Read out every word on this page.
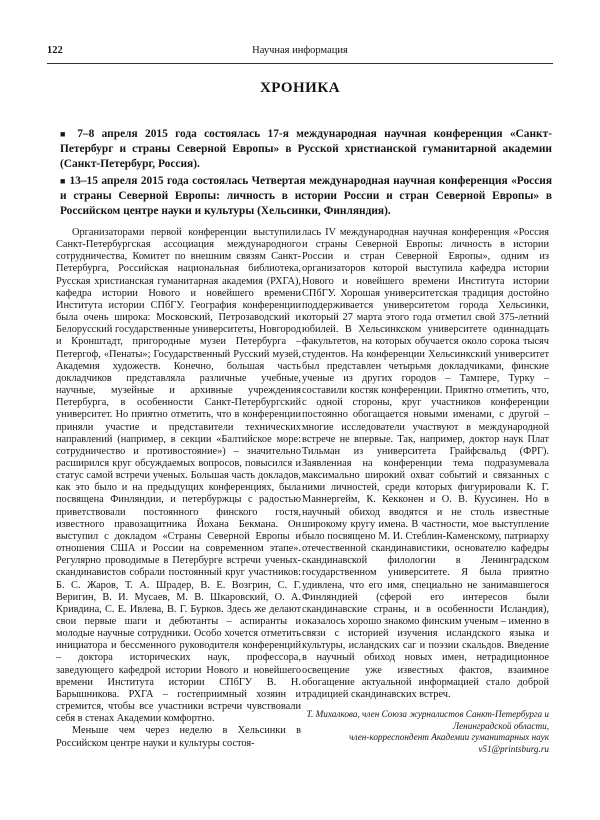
122	Научная информация
ХРОНИКА

■ 7–8 апреля 2015 года состоялась 17-я международная научная конференция «Санкт-Петербург и страны Северной Европы» в Русской христианской гуманитарной академии (Санкт-Петербург, Россия).

■ 13–15 апреля 2015 года состоялась Четвертая международная научная конференция «Россия и страны Северной Европы: личность в истории России и стран Северной Европы» в Российском центре науки и культуры (Хельсинки, Финляндия).

Организаторами первой конференции выступили Санкт-Петербургская ассоциация международного сотрудничества, Комитет по внешним связям Санкт-Петербурга, Российская национальная библиотека, Русская христианская гуманитарная академия (РХГА), кафедра истории Нового и новейшего времени Института истории СПбГУ. География конференции была очень широка: Московский, Петрозаводский и Белорусский государственные университеты, Новгород и Кронштадт, пригородные музеи Петербурга – Петергоф, «Пенаты»; Государственный Русский музей, Академия художеств. Конечно, большая часть докладчиков представляла различные учебные, научные, музейные и архивные учреждения Петербурга, в особенности Санкт-Петербургский университет. Но приятно отметить, что в конференции приняли участие и представители технических направлений (например, в секции «Балтийское море: сотрудничество и противостояние») – значительно расширился круг обсуждаемых вопросов, повысился и статус самой встречи ученых. Большая часть докладов, как это было и на предыдущих конференциях, была посвящена Финляндии, и петербуржцы с радостью приветствовали постоянного финского гостя, известного правозащитника Йохана Бекмана. Он выступил с докладом «Страны Северной Европы и отношения США и России на современном этапе». Регулярно проводимые в Петербурге встречи ученых-скандинавистов собрали постоянный круг участников: Б. С. Жаров, Т. А. Шрадер, В. Е. Возгрин, С. Г. Веригин, В. И. Мусаев, М. В. Шкаровский, О. А. Кривдина, С. Е. Ивлева, В. Г. Бурков. Здесь же делают свои первые шаги и дебютанты – аспиранты и молодые научные сотрудники. Особо хочется отметить инициатора и бессменного руководителя конференций – доктора исторических наук, профессора, заведующего кафедрой истории Нового и новейшего времени Института истории СПбГУ В. Н. Барышникова. РХГА – гостеприимный хозяин и стремится, чтобы все участники встречи чувствовали себя в стенах Академии комфортно.

Меньше чем через неделю в Хельсинки в Российском центре науки и культуры состоя-

лась IV международная научная конференция «Россия и страны Северной Европы: личность в истории России и стран Северной Европы», одним из организаторов которой выступила кафедра истории Нового и новейшего времени Института истории СПбГУ. Хорошая университетская традиция достойно поддерживается университетом города Хельсинки, который 27 марта этого года отметил свой 375-летний юбилей. В Хельсинкском университете одиннадцать факультетов, на которых обучается около сорока тысяч студентов. На конференции Хельсинкский университет был представлен четырьмя докладчиками, финские ученые из других городов – Тампере, Турку – составили костяк конференции. Приятно отметить, что, с одной стороны, круг участников конференции постоянно обогащается новыми именами, с другой – многие исследователи участвуют в международной встрече не впервые. Так, например, доктор наук Плат Тильман из университета Грайфсвальд (ФРГ). Заявленная на конференции тема подразумевала максимально широкий охват событий и связанных с ними личностей, среди которых фигурировали К. Г. Маннергейм, К. Кекконен и О. В. Куусинен. Но в научный обиход вводятся и не столь известные широкому кругу имена. В частности, мое выступление было посвящено М. И. Стеблин-Каменскому, патриарху отечественной скандинавистики, основателю кафедры скандинавской филологии в Ленинградском государственном университете. Я была приятно удивлена, что его имя, специально не занимавшегося Финляндией (сферой его интересов были скандинавские страны, и в особенности Исландия), оказалось хорошо знакомо финским ученым – именно в связи с историей изучения исландского языка и культуры, исландских саг и поэзии скальдов. Введение в научный обиход новых имен, нетрадиционное освещение уже известных фактов, взаимное обогащение актуальной информацией стало доброй традицией скандинавских встреч.

Т. Михалкова, член Союза журналистов Санкт-Петербурга и Ленинградской области,
член-корреспондент Академии гуманитарных наук
v51@printsburg.ru
